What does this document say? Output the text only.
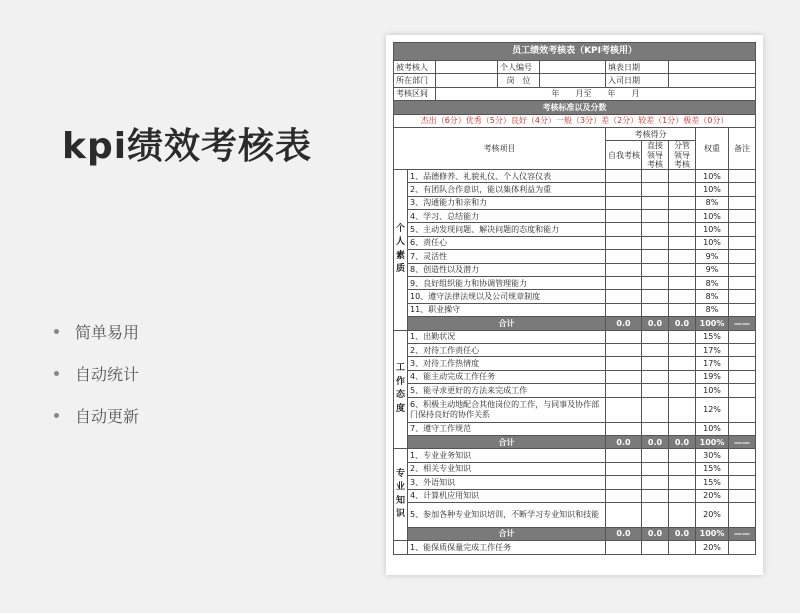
kpi绩效考核表
简单易用
自动统计
自动更新
员工绩效考核表（KPI考核用）									
被考核人			个人编号		填表日期				
所在部门			岗　位		入司日期				
考核区间		年　　月至　　年　　月							
考核标准以及分数									
杰出（6分）优秀（5分）良好（4分）一般（3分）差（2分）较差（1分）极差（0分）									
考核项目					考核得分			权重	备注
					自我考核	直接领导考核	分管领导考核		
个人素质	1、品德修养、礼貌礼仪、个人仪容仪表							10%	
	2、有团队合作意识，能以集体利益为重							10%	
	3、沟通能力和亲和力							8%	
	4、学习、总结能力							10%	
	5、主动发现问题、解决问题的态度和能力							10%	
	6、责任心							10%	
	7、灵活性							9%	
	8、创造性以及潜力							9%	
	9、良好组织能力和协调管理能力							8%	
	10、遵守法律法规以及公司规章制度							8%	
	11、职业操守							8%	
	合计				0.0	0.0	0.0	100%	——
工作态度	1、出勤状况							15%	
	2、对待工作责任心							17%	
	3、对待工作热情度							17%	
	4、能主动完成工作任务							19%	
	5、能寻求更好的方法来完成工作							10%	
	6、积极主动地配合其他岗位的工作，与同事及协作部门保持良好的协作关系							12%	
	7、遵守工作规范							10%	
	合计				0.0	0.0	0.0	100%	——
专业知识	1、专业业务知识							30%	
	2、相关专业知识							15%	
	3、外语知识							15%	
	4、计算机应用知识							20%	
	5、参加各种专业知识培训，不断学习专业知识和技能							20%	
	合计				0.0	0.0	0.0	100%	——
	1、能保质保量完成工作任务							20%	
